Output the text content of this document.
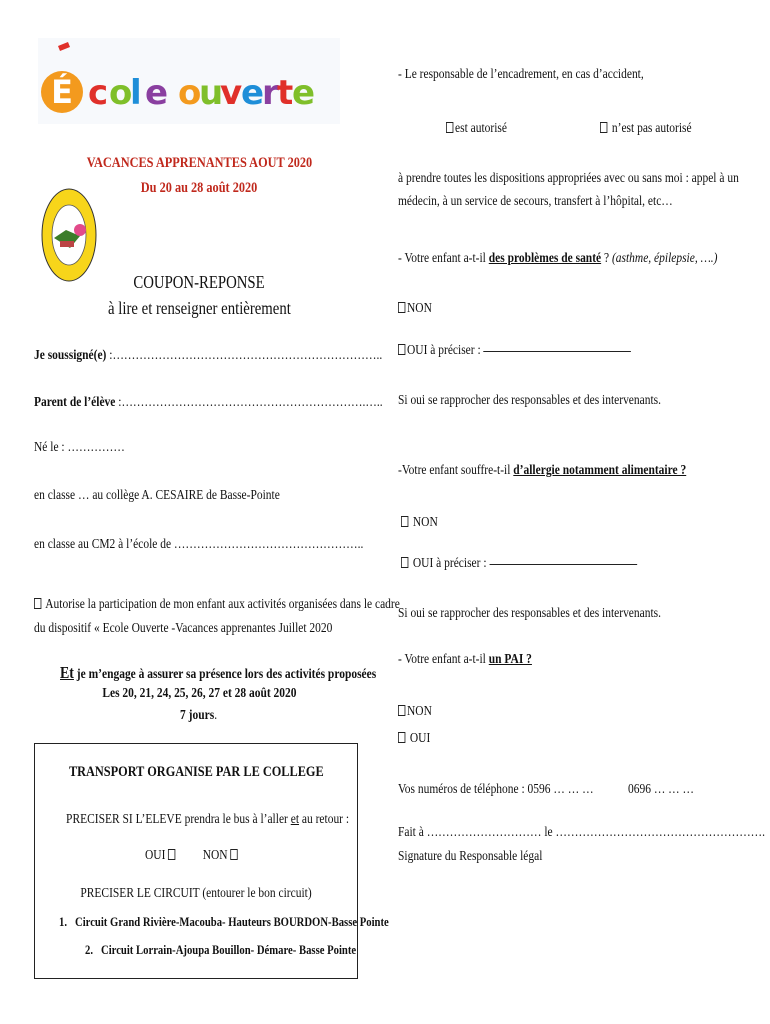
É c o
l e o
u
v
e
r
t
e
VACANCES APPRENANTES AOUT 2020
Du 20 au 28 août 2020
COUPON-REPONSE
à lire et renseigner entièrement
Je soussigné(e) :……………………………………………………………..
Parent de l’élève :……………………………………………………….…..
Né le : ……………
en classe … au collège A. CESAIRE de Basse-Pointe
en classe au CM2 à l’école de …………………………………………..
Autorise la participation de mon enfant aux activités organisées dans le cadre
du dispositif « Ecole Ouverte -Vacances apprenantes Juillet 2020
Et je m’engage à assurer sa présence lors des activités proposées
Les 20, 21, 24, 25, 26, 27 et 28 août 2020
7 jours.
TRANSPORT ORGANISE PAR LE COLLEGE
PRECISER SI L’ELEVE prendra le bus à l’aller et au retour :
OUI   NON
PRECISER LE CIRCUIT (entourer le bon circuit)
1. Circuit Grand Rivière-Macouba- Hauteurs BOURDON-Basse Pointe
2. Circuit Lorrain-Ajoupa Bouillon- Démare- Basse Pointe
- Le responsable de l’encadrement, en cas d’accident,
est autorisé	n’est pas autorisé
à prendre toutes les dispositions appropriées avec ou sans moi : appel à un
médecin, à un service de secours, transfert à l’hôpital, etc…
- Votre enfant a-t-il des problèmes de santé ? (asthme, épilepsie, ….)
NON
OUI à préciser :
Si oui se rapprocher des responsables et des intervenants.
-Votre enfant souffre-t-il d’allergie notamment alimentaire ?
NON
OUI à préciser :
Si oui se rapprocher des responsables et des intervenants.
- Votre enfant a-t-il un PAI ?
NON
OUI
Vos numéros de téléphone : 0596 … … … 0696 … … …
Fait à ………………………… le ……………………………………………….
Signature du Responsable légal
